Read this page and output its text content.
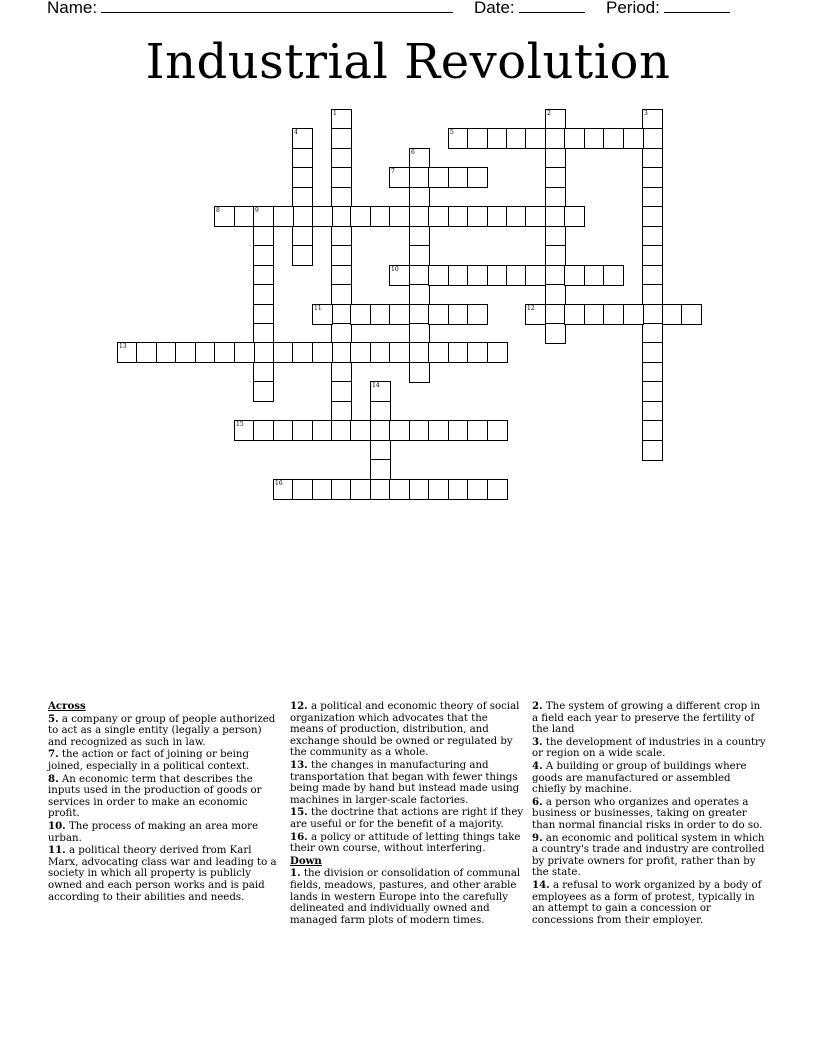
Name:	Date:	Period:
Industrial Revolution
1	2	3
4	5
6
7
8	9
10
11	12
13
14
15
16
Across
5. a company or group of people authorized to act as a single entity (legally a person) and recognized as such in law.
7. the action or fact of joining or being joined, especially in a political context.
8. An economic term that describes the inputs used in the production of goods or services in order to make an economic profit.
10. The process of making an area more urban.
11. a political theory derived from Karl Marx, advocating class war and leading to a society in which all property is publicly owned and each person works and is paid according to their abilities and needs.
12. a political and economic theory of social organization which advocates that the means of production, distribution, and exchange should be owned or regulated by the community as a whole.
13. the changes in manufacturing and transportation that began with fewer things being made by hand but instead made using machines in larger-scale factories.
15. the doctrine that actions are right if they are useful or for the benefit of a majority.
16. a policy or attitude of letting things take their own course, without interfering.
Down
1. the division or consolidation of communal fields, meadows, pastures, and other arable lands in western Europe into the carefully delineated and individually owned and managed farm plots of modern times.
2. The system of growing a different crop in a field each year to preserve the fertility of the land
3. the development of industries in a country or region on a wide scale.
4. A building or group of buildings where goods are manufactured or assembled chiefly by machine.
6. a person who organizes and operates a business or businesses, taking on greater than normal financial risks in order to do so.
9. an economic and political system in which a country's trade and industry are controlled by private owners for profit, rather than by the state.
14. a refusal to work organized by a body of employees as a form of protest, typically in an attempt to gain a concession or concessions from their employer.
